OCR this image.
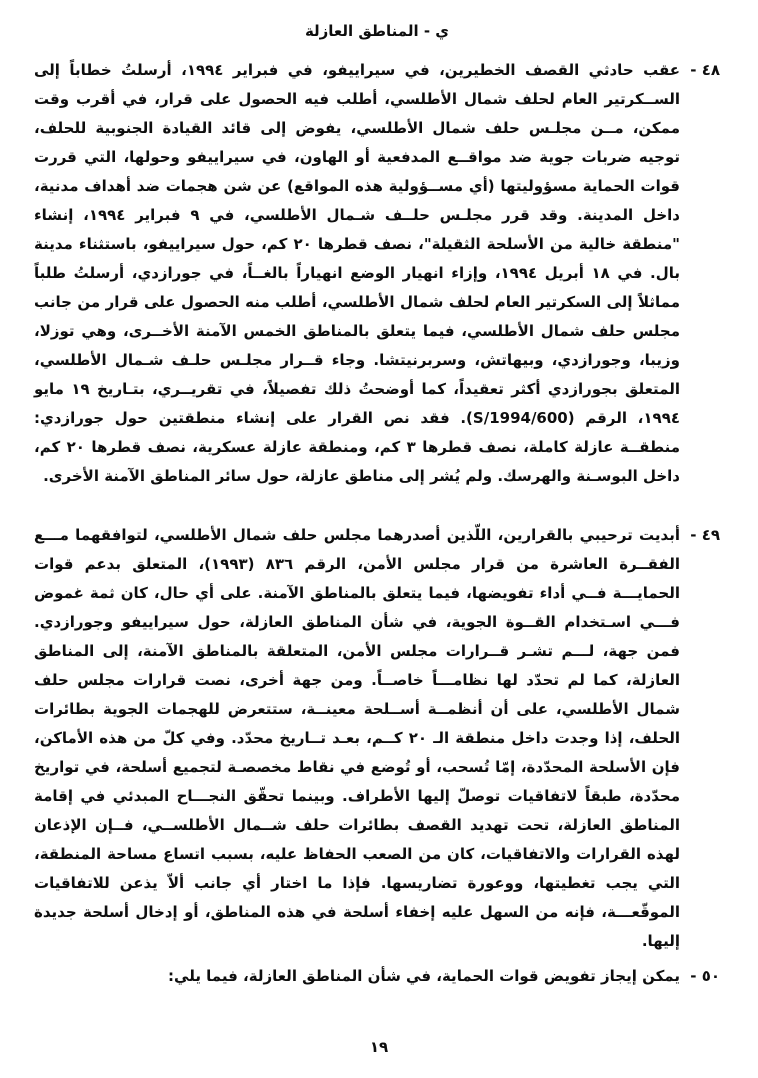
ي - المناطق العازلة
٤٨ -
عقب حادثي القصف الخطيرين، في سيراييفو، في فبراير ١٩٩٤، أرسلتُ خطاباً إلى الســكرتير العام لحلف شمال الأطلسي، أطلب فيه الحصول على قرار، في أقرب وقت ممكن، مــن مجلـس حلف شمال الأطلسي، يفوض إلى قائد القيادة الجنوبية للحلف، توجيه ضربات جوية ضد مواقــع المدفعية أو الهاون، في سيراييفو وحولها، التي قررت قوات الحماية مسؤوليتها (أي مســؤولية هذه المواقع) عن شن هجمات ضد أهداف مدنية، داخل المدينة. وقد قرر مجلـس حلــف شـمال الأطلسي، في ٩ فبراير ١٩٩٤، إنشاء "منطقة خالية من الأسلحة الثقيلة"، نصف قطرها ٢٠ كم، حول سيراييفو، باستثناء مدينة بال. في ١٨ أبريل ١٩٩٤، وإزاء انهيار الوضع انهياراً بالغــاً، في جورازدي، أرسلتُ طلباً مماثلاً إلى السكرتير العام لحلف شمال الأطلسي، أطلب منه الحصول على قرار من جانب مجلس حلف شمال الأطلسي، فيما يتعلق بالمناطق الخمس الآمنة الأخــرى، وهي توزلا، وزيبا، وجورازدي، وبيهاتش، وسربرنيتشا. وجاء قــرار مجلـس حلـف شـمال الأطلسي، المتعلق بجورازدي أكثر تعقيداً، كما أوضحتُ ذلك تفصيلاً، في تقريــري، بتـاريخ ١٩ مايو ١٩٩٤، الرقم (S/1994/600). فقد نص القرار على إنشاء منطقتين حول جورازدي: منطقــة عازلة كاملة، نصف قطرها ٣ كم، ومنطقة عازلة عسكرية، نصف قطرها ٢٠ كم، داخل البوسـنة والهرسك. ولم يُشر إلى مناطق عازلة، حول سائر المناطق الآمنة الأخرى.
٤٩ -
أبديت ترحيبي بالقرارين، اللّذين أصدرهما مجلس حلف شمال الأطلسي، لتوافقهما مـــع الفقــرة العاشرة من قرار مجلس الأمن، الرقم ٨٣٦ (١٩٩٣)، المتعلق بدعم قوات الحمايـــة فــي أداء تفويضها، فيما يتعلق بالمناطق الآمنة. على أي حال، كان ثمة غموض فـــي اسـتخدام القــوة الجوية، في شأن المناطق العازلة، حول سيراييفو وجورازدي. فمن جهة، لـــم تشـر قــرارات مجلس الأمن، المتعلقة بالمناطق الآمنة، إلى المناطق العازلة، كما لم تحدّد لها نظامـــاً خاصــاً. ومن جهة أخرى، نصت قرارات مجلس حلف شمال الأطلسي، على أن أنظمــة أســلحة معينــة، ستتعرض للهجمات الجوية بطائرات الحلف، إذا وجدت داخل منطقة الـ ٢٠ كــم، بعـد تــاريخ محدّد. وفي كلّ من هذه الأماكن، فإن الأسلحة المحدّدة، إمّا تُسحب، أو تُوضع في نقاط مخصصـة لتجميع أسلحة، في تواريخ محدّدة، طبقاً لاتفاقيات توصلّ إليها الأطراف. وبينما تحقّق النجـــاح المبدئي في إقامة المناطق العازلة، تحت تهديد القصف بطائرات حلف شــمال الأطلســي، فــإن الإذعان لهذه القرارات والاتفاقيات، كان من الصعب الحفاظ عليه، بسبب اتساع مساحة المنطقة، التي يجب تغطيتها، ووعورة تضاريسها. فإذا ما اختار أي جانب ألاّ يذعن للاتفاقيات الموقّعـــة، فإنه من السهل عليه إخفاء أسلحة في هذه المناطق، أو إدخال أسلحة جديدة إليها.
٥٠ -
يمكن إيجاز تفويض قوات الحماية، في شأن المناطق العازلة، فيما يلي:
١٩
